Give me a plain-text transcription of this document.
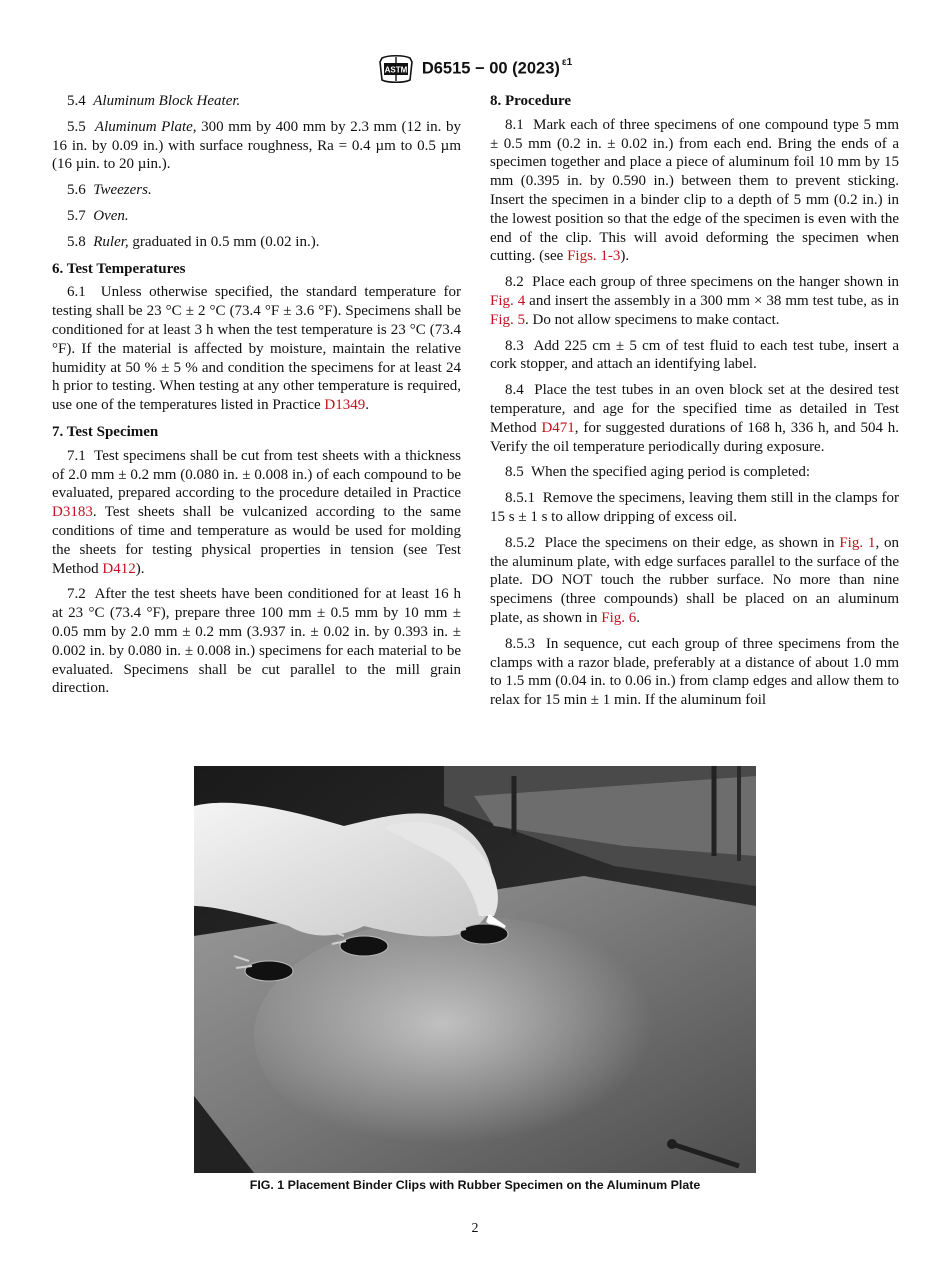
ASTM D6515 − 00 (2023) $^{\varepsilon 1}$

5.4 Aluminum Block Heater.

5.5 Aluminum Plate, 300 mm by 400 mm by 2.3 mm (12 in. by 16 in. by 0.09 in.) with surface roughness, Ra = 0.4 µm to 0.5 µm (16 µin. to 20 µin.).

5.6 Tweezers.

5.7 Oven.

5.8 Ruler, graduated in 0.5 mm (0.02 in.).

6. Test Temperatures

6.1 Unless otherwise specified, the standard temperature for testing shall be 23 °C ± 2 °C (73.4 °F ± 3.6 °F). Specimens shall be conditioned for at least 3 h when the test temperature is 23 °C (73.4 °F). If the material is affected by moisture, maintain the relative humidity at 50 % ± 5 % and condition the specimens for at least 24 h prior to testing. When testing at any other temperature is required, use one of the temperatures listed in Practice D1349.

7. Test Specimen

7.1 Test specimens shall be cut from test sheets with a thickness of 2.0 mm ± 0.2 mm (0.080 in. ± 0.008 in.) of each compound to be evaluated, prepared according to the procedure detailed in Practice D3183. Test sheets shall be vulcanized according to the same conditions of time and temperature as would be used for molding the sheets for testing physical properties in tension (see Test Method D412).

7.2 After the test sheets have been conditioned for at least 16 h at 23 °C (73.4 °F), prepare three 100 mm ± 0.5 mm by 10 mm ± 0.05 mm by 2.0 mm ± 0.2 mm (3.937 in. ± 0.02 in. by 0.393 in. ± 0.002 in. by 0.080 in. ± 0.008 in.) specimens for each material to be evaluated. Specimens shall be cut parallel to the mill grain direction.

8. Procedure

8.1 Mark each of three specimens of one compound type 5 mm ± 0.5 mm (0.2 in. ± 0.02 in.) from each end. Bring the ends of a specimen together and place a piece of aluminum foil 10 mm by 15 mm (0.395 in. by 0.590 in.) between them to prevent sticking. Insert the specimen in a binder clip to a depth of 5 mm (0.2 in.) in the lowest position so that the edge of the specimen is even with the end of the clip. This will avoid deforming the specimen when cutting. (see Figs. 1-3).

8.2 Place each group of three specimens on the hanger shown in Fig. 4 and insert the assembly in a 300 mm × 38 mm test tube, as in Fig. 5. Do not allow specimens to make contact.

8.3 Add 225 cm ± 5 cm of test fluid to each test tube, insert a cork stopper, and attach an identifying label.

8.4 Place the test tubes in an oven block set at the desired test temperature, and age for the specified time as detailed in Test Method D471, for suggested durations of 168 h, 336 h, and 504 h. Verify the oil temperature periodically during exposure.

8.5 When the specified aging period is completed:

8.5.1 Remove the specimens, leaving them still in the clamps for 15 s ± 1 s to allow dripping of excess oil.

8.5.2 Place the specimens on their edge, as shown in Fig. 1, on the aluminum plate, with edge surfaces parallel to the surface of the plate. DO NOT touch the rubber surface. No more than nine specimens (three compounds) shall be placed on an aluminum plate, as shown in Fig. 6.

8.5.3 In sequence, cut each group of three specimens from the clamps with a razor blade, preferably at a distance of about 1.0 mm to 1.5 mm (0.04 in. to 0.06 in.) from clamp edges and allow them to relax for 15 min ± 1 min. If the aluminum foil

FIG. 1 Placement Binder Clips with Rubber Specimen on the Aluminum Plate
2
